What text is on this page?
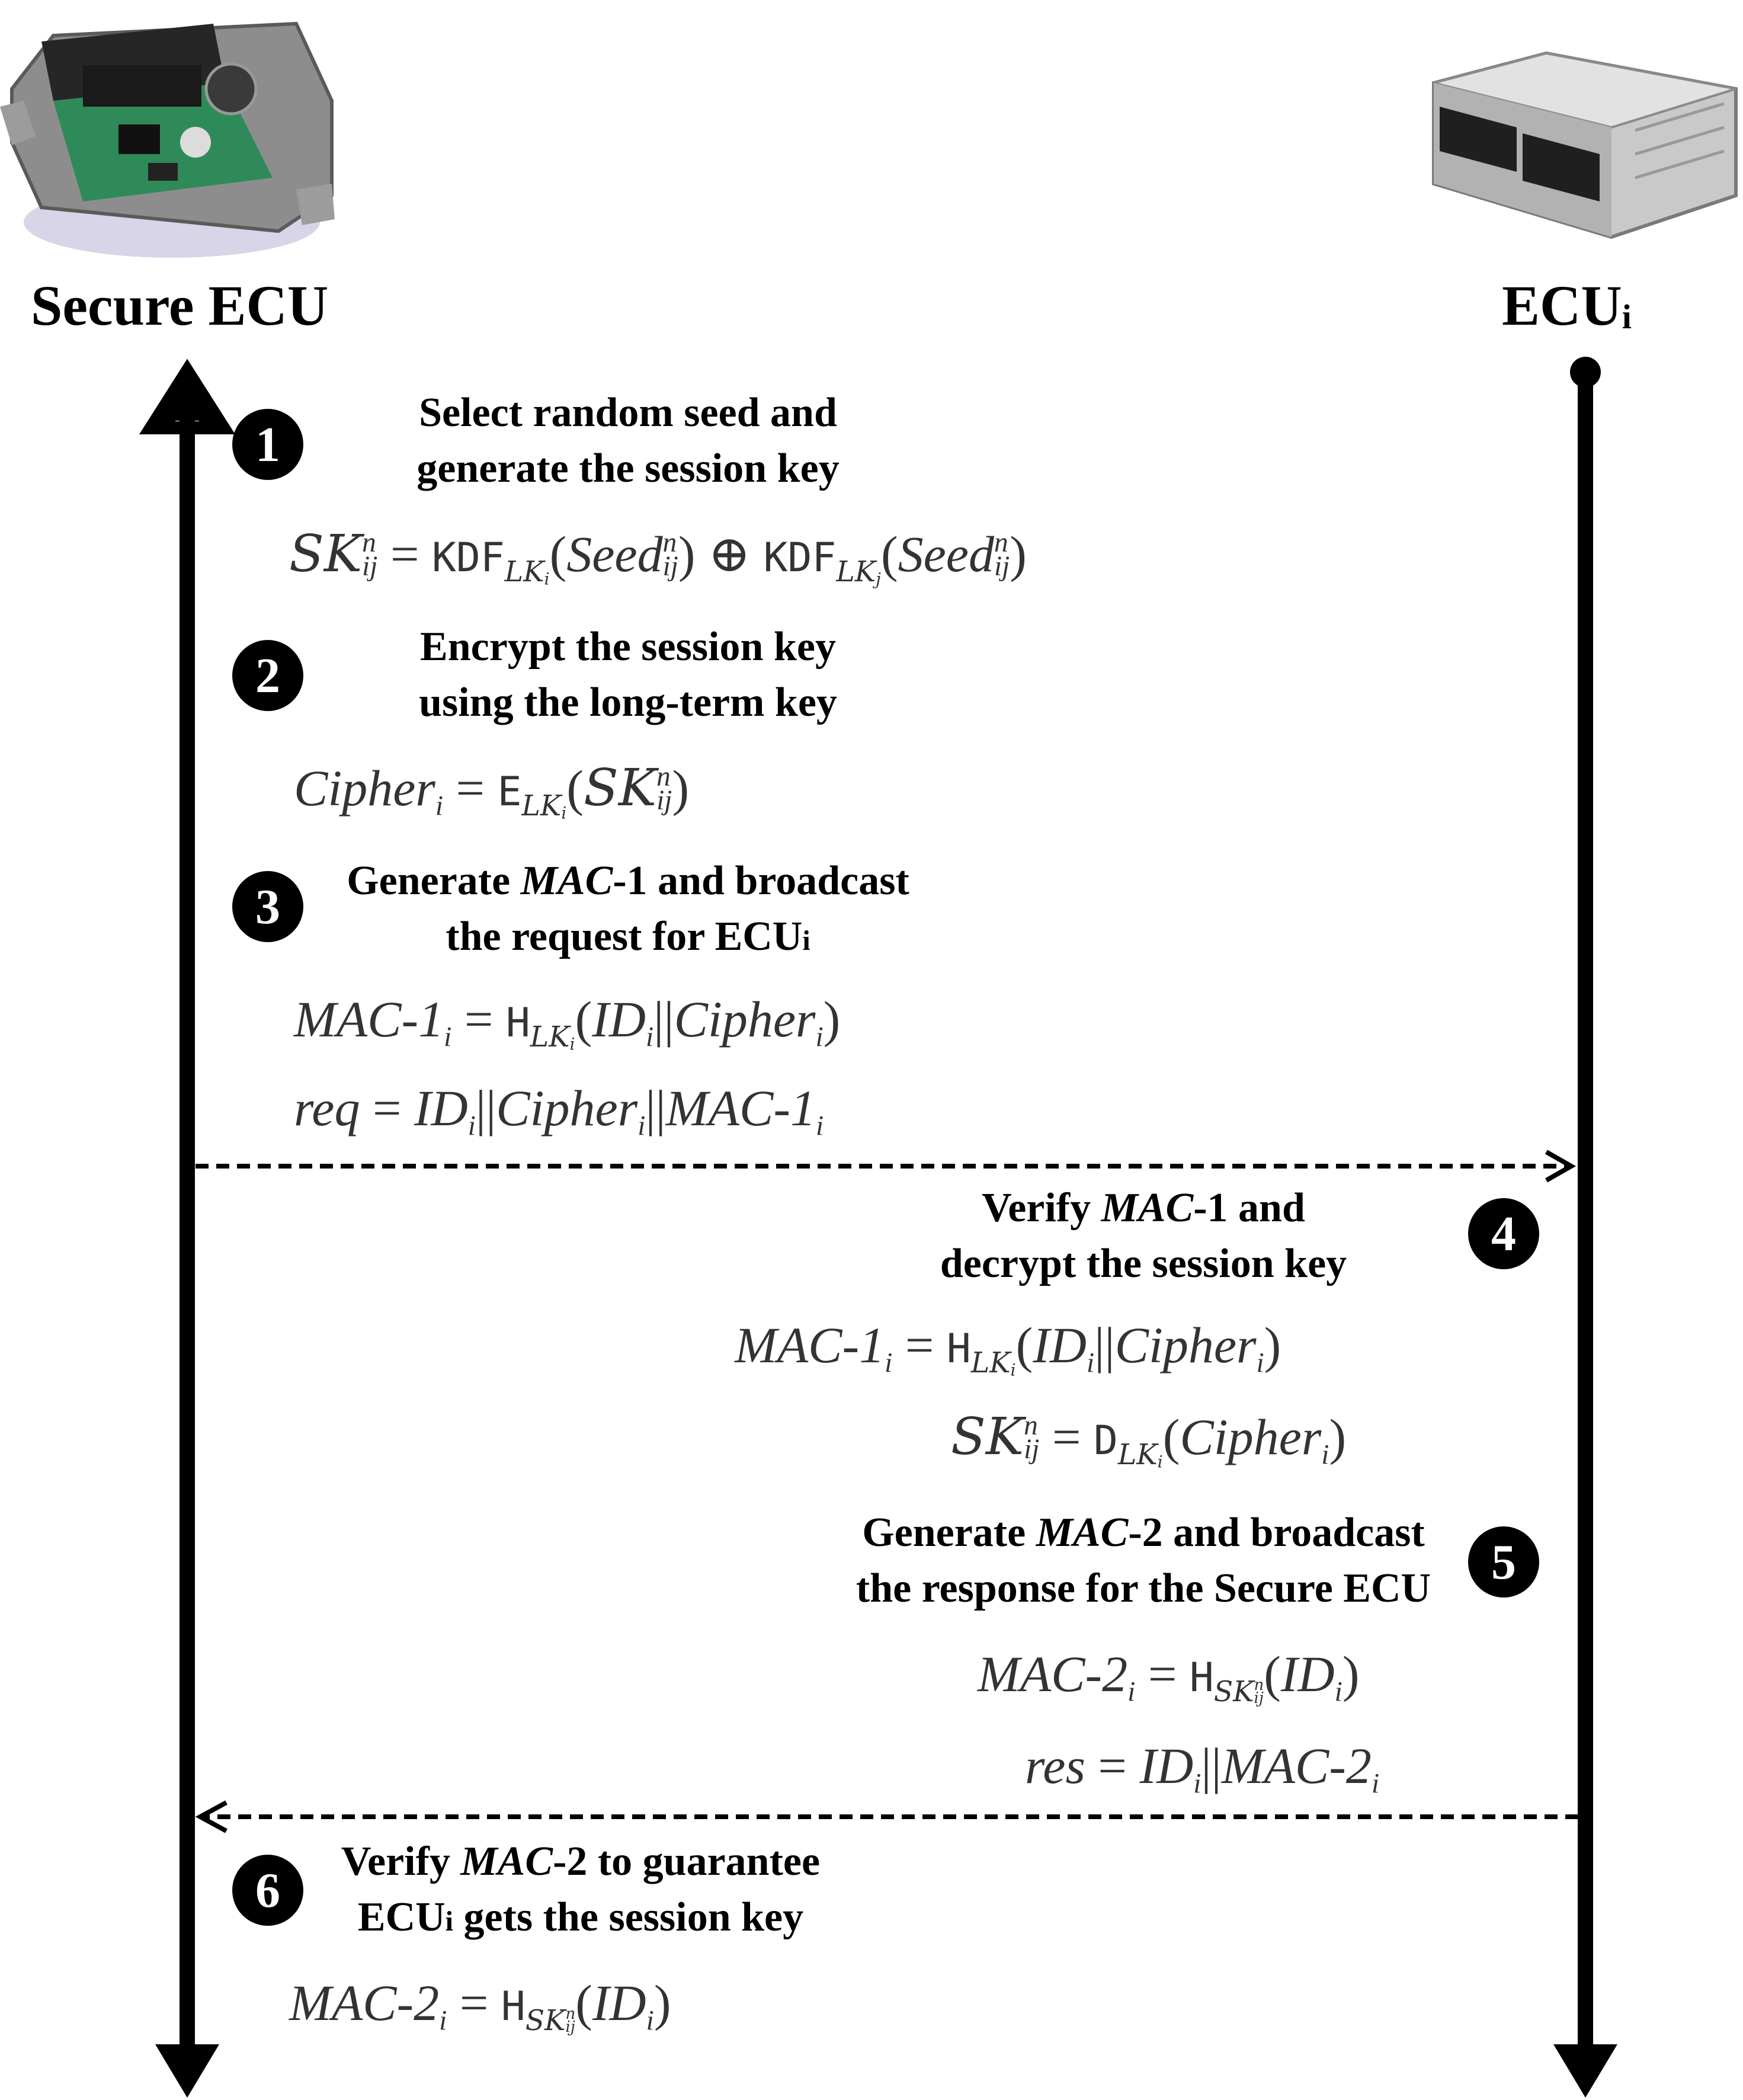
Secure ECU	ECUi
1
Select random seed and
generate the session key
SKn
ij = $KDF_{LKi}(Seedn$
ij) ⊕ $KDF_{LKj}(Seedn$
ij)
2
Encrypt the session key
using the long-term key
Cipher$_i$ = $E_{LKi}(SKn$
ij)
3	Generate MAC-1 and broadcast
the request for ECUi
MAC-$1_i$ = $H_{LKi}(ID_i||Cipher_i)$
req = $ID_i||Cipher_i||MAC-1_i$
4
Verify MAC-1 and
decrypt the session key
MAC-$1_i$ = $H_{LKi}(ID_i||Cipher_i)$
SKn
ij = $D_{LKi}(Cipher_i)$
5
Generate MAC-2 and broadcast
the response for the Secure ECU
MAC-$2_i = H_{SKn ij}(ID_i)$
res = $ID_i||MAC-2_i$
6
Verify MAC-2 to guarantee
ECUi gets the session key
MAC-$2_i = H_{SKn ij}(ID_i)$
